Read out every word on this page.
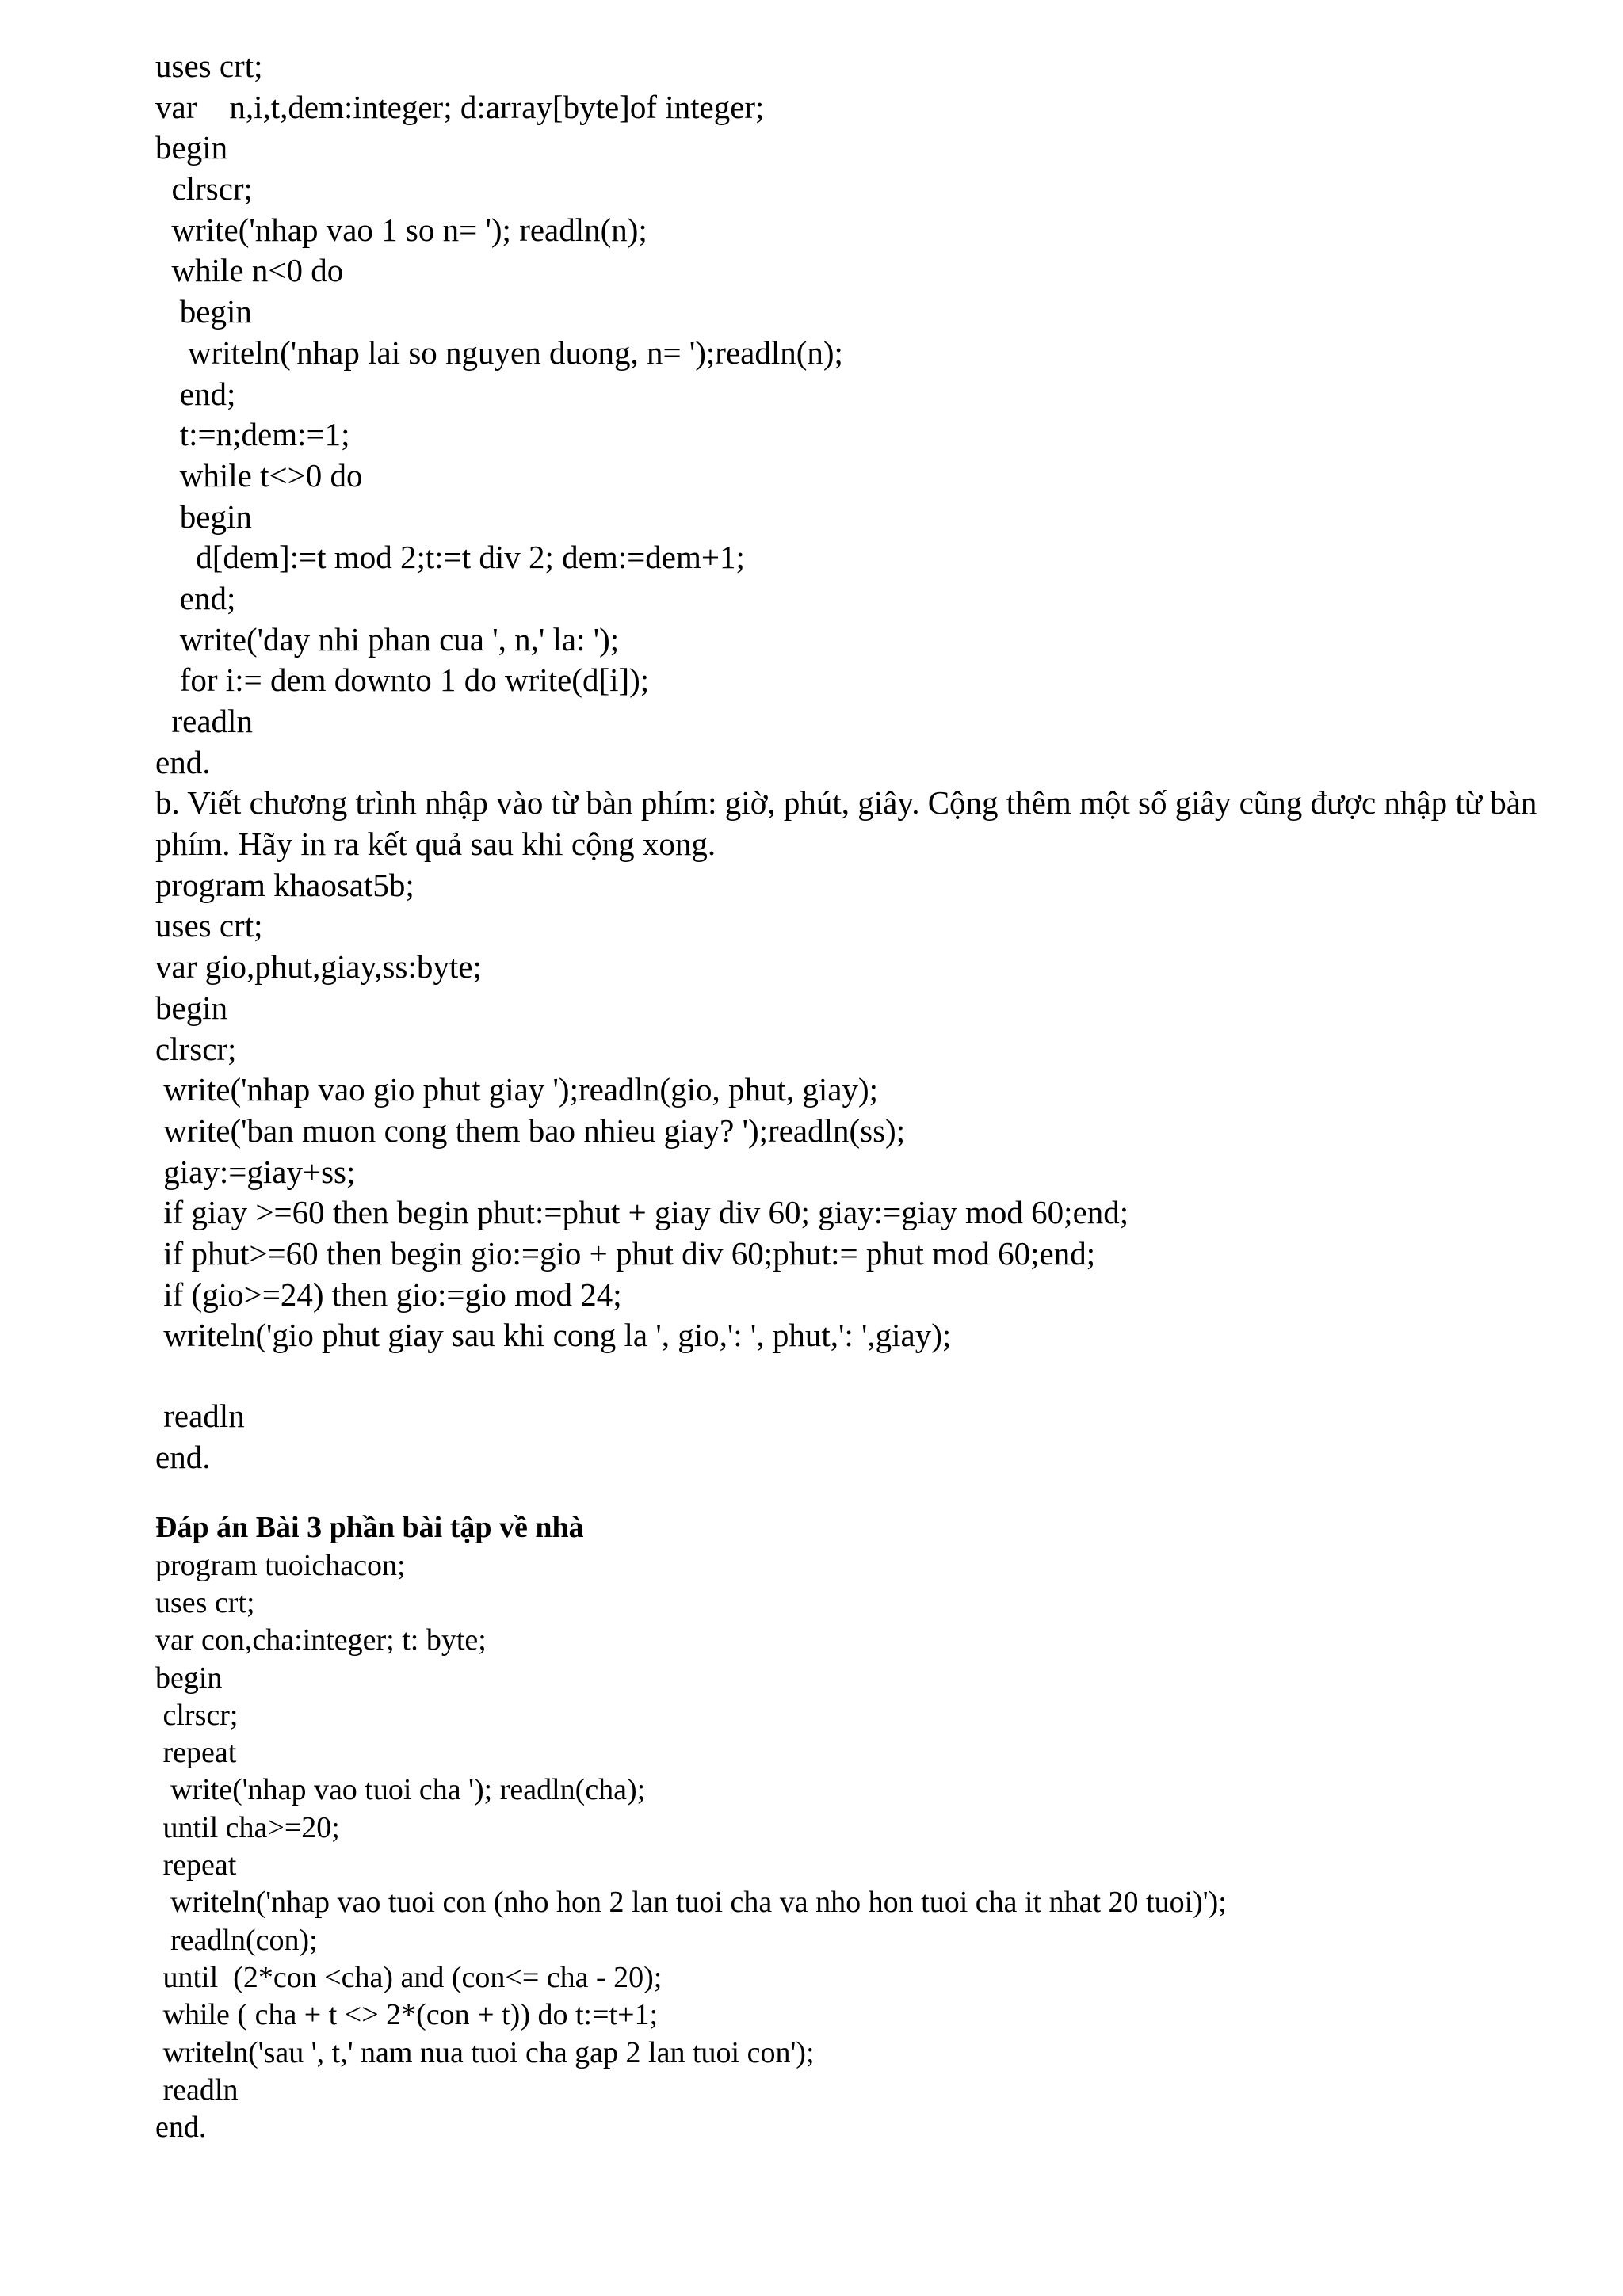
uses crt;
var    n,i,t,dem:integer; d:array[byte]of integer;
begin
clrscr;
write('nhap vao 1 so n= '); readln(n);
while n<0 do
begin
writeln('nhap lai so nguyen duong, n= ');readln(n);
end;
t:=n;dem:=1;
while t<>0 do
begin
d[dem]:=t mod 2;t:=t div 2; dem:=dem+1;
end;
write('day nhi phan cua ', n,' la: ');
for i:= dem downto 1 do write(d[i]);
readln
end.
b. Viết chương trình nhập vào từ bàn phím: giờ, phút, giây. Cộng thêm một số giây cũng được nhập từ bàn phím. Hãy in ra kết quả sau khi cộng xong.
program khaosat5b;
uses crt;
var gio,phut,giay,ss:byte;
begin
clrscr;
write('nhap vao gio phut giay ');readln(gio, phut, giay);
write('ban muon cong them bao nhieu giay? ');readln(ss);
giay:=giay+ss;
if giay >=60 then begin phut:=phut + giay div 60; giay:=giay mod 60;end;
if phut>=60 then begin gio:=gio + phut div 60;phut:= phut mod 60;end;
if (gio>=24) then gio:=gio mod 24;
writeln('gio phut giay sau khi cong la ', gio,': ', phut,': ',giay);
readln
end.
Đáp án Bài 3 phần bài tập về nhà
program tuoichacon;
uses crt;
var con,cha:integer; t: byte;
begin
clrscr;
repeat
write('nhap vao tuoi cha '); readln(cha);
until cha>=20;
repeat
writeln('nhap vao tuoi con (nho hon 2 lan tuoi cha va nho hon tuoi cha it nhat 20 tuoi)');
readln(con);
until  (2*con <cha) and (con<= cha - 20);
while ( cha + t <> 2*(con + t)) do t:=t+1;
writeln('sau ', t,' nam nua tuoi cha gap 2 lan tuoi con');
readln
end.
